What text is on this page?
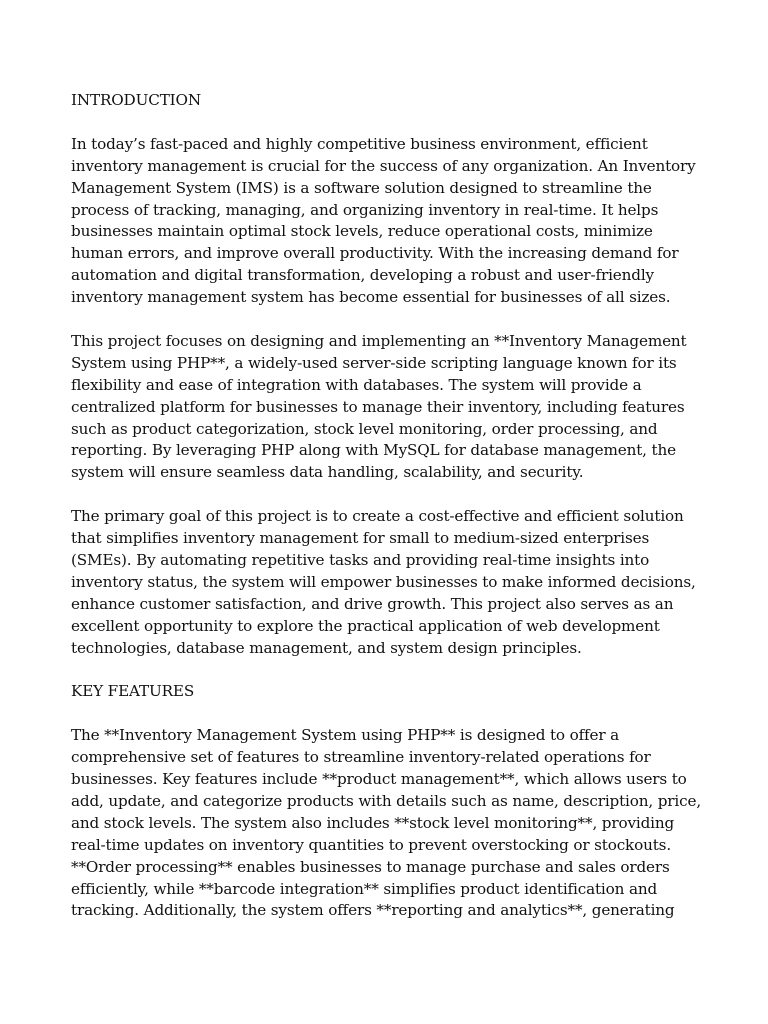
INTRODUCTION
In today’s fast-paced and highly competitive business environment, efficient
inventory management is crucial for the success of any organization. An Inventory
Management System (IMS) is a software solution designed to streamline the
process of tracking, managing, and organizing inventory in real-time. It helps
businesses maintain optimal stock levels, reduce operational costs, minimize
human errors, and improve overall productivity. With the increasing demand for
automation and digital transformation, developing a robust and user-friendly
inventory management system has become essential for businesses of all sizes.
This project focuses on designing and implementing an **Inventory Management
System using PHP**, a widely-used server-side scripting language known for its
flexibility and ease of integration with databases. The system will provide a
centralized platform for businesses to manage their inventory, including features
such as product categorization, stock level monitoring, order processing, and
reporting. By leveraging PHP along with MySQL for database management, the
system will ensure seamless data handling, scalability, and security.
The primary goal of this project is to create a cost-effective and efficient solution
that simplifies inventory management for small to medium-sized enterprises
(SMEs). By automating repetitive tasks and providing real-time insights into
inventory status, the system will empower businesses to make informed decisions,
enhance customer satisfaction, and drive growth. This project also serves as an
excellent opportunity to explore the practical application of web development
technologies, database management, and system design principles.
KEY FEATURES
The **Inventory Management System using PHP** is designed to offer a
comprehensive set of features to streamline inventory-related operations for
businesses. Key features include **product management**, which allows users to
add, update, and categorize products with details such as name, description, price,
and stock levels. The system also includes **stock level monitoring**, providing
real-time updates on inventory quantities to prevent overstocking or stockouts.
**Order processing** enables businesses to manage purchase and sales orders
efficiently, while **barcode integration** simplifies product identification and
tracking. Additionally, the system offers **reporting and analytics**, generating
